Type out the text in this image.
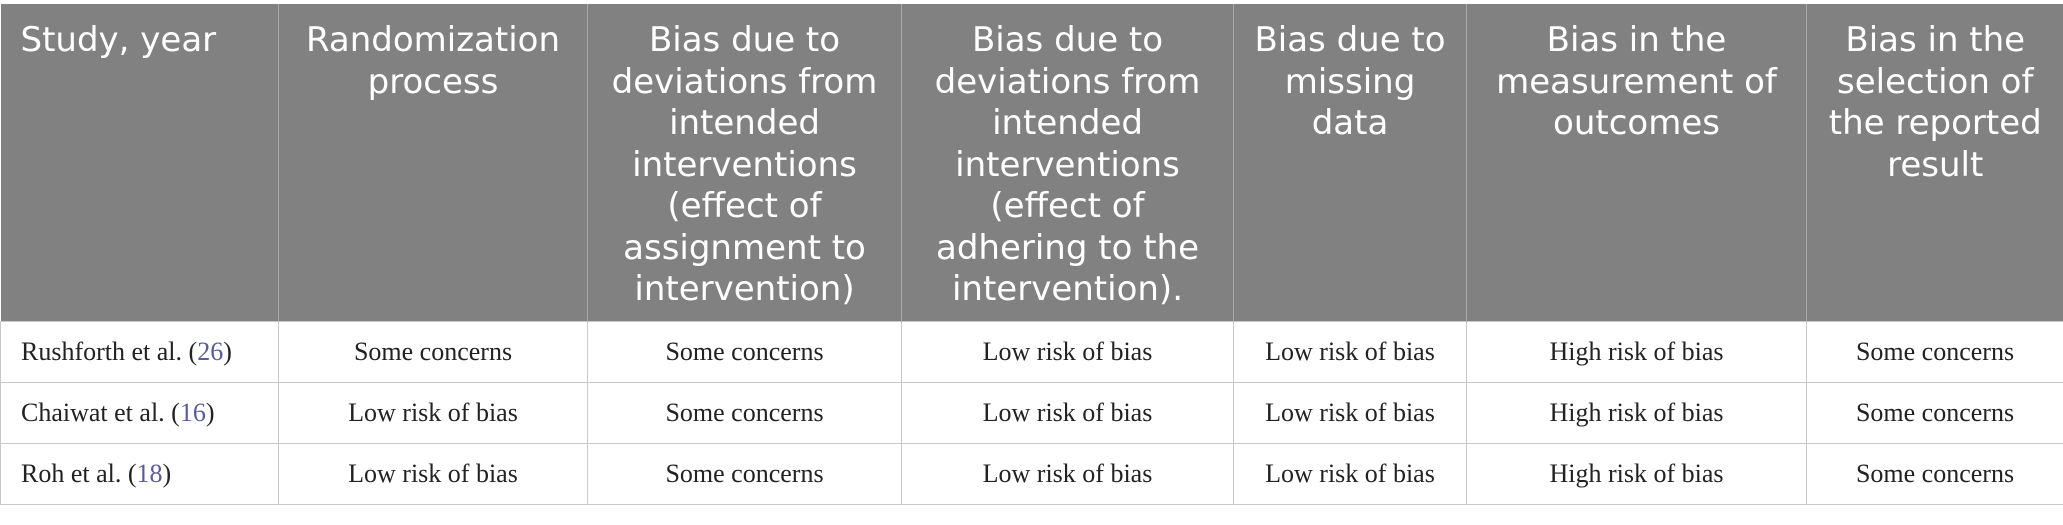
Study, year	Randomization process	Bias due to deviations from intended interventions (effect of assignment to intervention)	Bias due to deviations from intended interventions (effect of adhering to the intervention).	Bias due to missing data	Bias in the measurement of outcomes	Bias in the selection of the reported result
Rushforth et al. (26)	Some concerns	Some concerns	Low risk of bias	Low risk of bias	High risk of bias	Some concerns
Chaiwat et al. (16)	Low risk of bias	Some concerns	Low risk of bias	Low risk of bias	High risk of bias	Some concerns
Roh et al. (18)	Low risk of bias	Some concerns	Low risk of bias	Low risk of bias	High risk of bias	Some concerns
